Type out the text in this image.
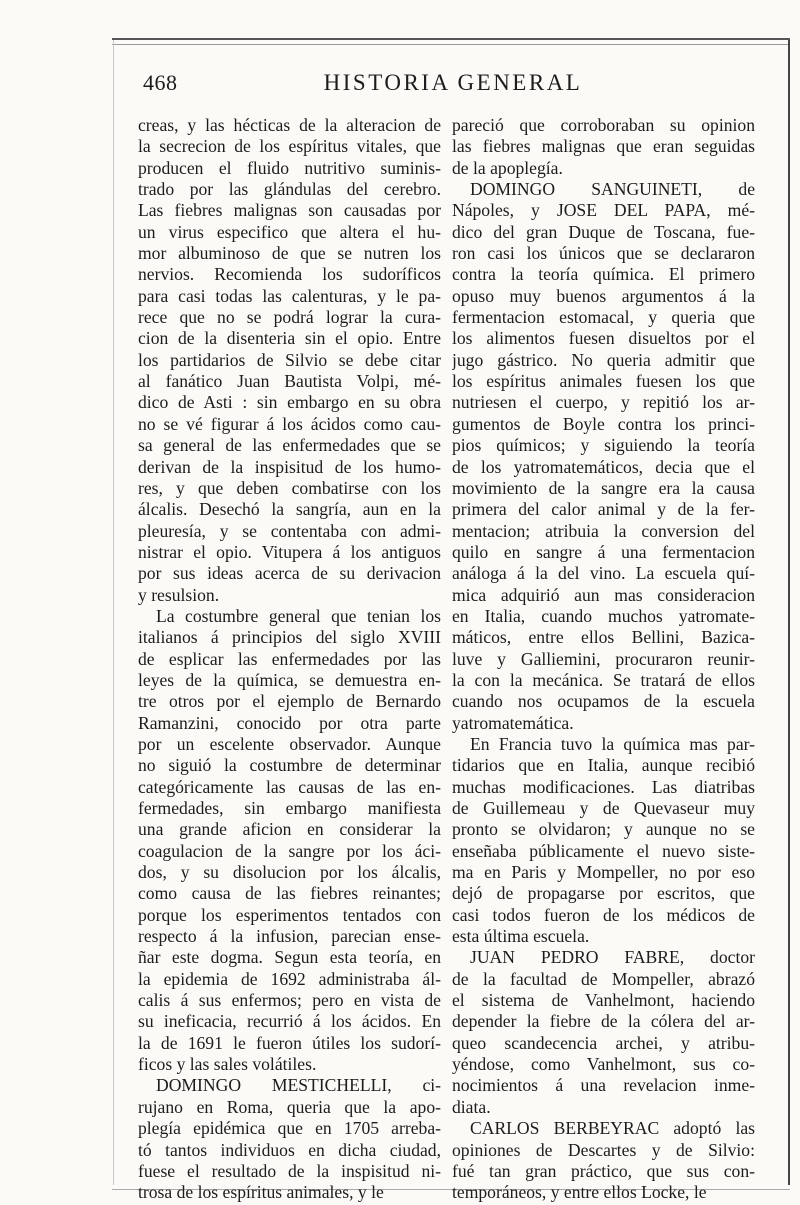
468	HISTORIA GENERAL
creas, y las hécticas de la alteracion de
la secrecion de los espíritus vitales, que
producen el fluido nutritivo suminis-
trado por las glándulas del cerebro.
Las fiebres malignas son causadas por
un virus especifico que altera el hu-
mor albuminoso de que se nutren los
nervios. Recomienda los sudoríficos
para casi todas las calenturas, y le pa-
rece que no se podrá lograr la cura-
cion de la disenteria sin el opio. Entre
los partidarios de Silvio se debe citar
al fanático Juan Bautista Volpi, mé-
dico de Asti : sin embargo en su obra
no se vé figurar á los ácidos como cau-
sa general de las enfermedades que se
derivan de la inspisitud de los humo-
res, y que deben combatirse con los
álcalis. Desechó la sangría, aun en la
pleuresía, y se contentaba con admi-
nistrar el opio. Vitupera á los antiguos
por sus ideas acerca de su derivacion
y resulsion.
La costumbre general que tenian los
italianos á principios del siglo XVIII
de esplicar las enfermedades por las
leyes de la química, se demuestra en-
tre otros por el ejemplo de Bernardo
Ramanzini, conocido por otra parte
por un escelente observador. Aunque
no siguió la costumbre de determinar
categóricamente las causas de las en-
fermedades, sin embargo manifiesta
una grande aficion en considerar la
coagulacion de la sangre por los áci-
dos, y su disolucion por los álcalis,
como causa de las fiebres reinantes;
porque los esperimentos tentados con
respecto á la infusion, parecian ense-
ñar este dogma. Segun esta teoría, en
la epidemia de 1692 administraba ál-
calis á sus enfermos; pero en vista de
su ineficacia, recurrió á los ácidos. En
la de 1691 le fueron útiles los sudorí-
ficos y las sales volátiles.
DOMINGO MESTICHELLI, ci-
rujano en Roma, queria que la apo-
plegía epidémica que en 1705 arreba-
tó tantos individuos en dicha ciudad,
fuese el resultado de la inspisitud ni-
trosa de los espíritus animales, y le
pareció que corroboraban su opinion
las fiebres malignas que eran seguidas
de la apoplegía.
DOMINGO SANGUINETI, de
Nápoles, y JOSE DEL PAPA, mé-
dico del gran Duque de Toscana, fue-
ron casi los únicos que se declararon
contra la teoría química. El primero
opuso muy buenos argumentos á la
fermentacion estomacal, y queria que
los alimentos fuesen disueltos por el
jugo gástrico. No queria admitir que
los espíritus animales fuesen los que
nutriesen el cuerpo, y repitió los ar-
gumentos de Boyle contra los princi-
pios químicos; y siguiendo la teoría
de los yatromatemáticos, decia que el
movimiento de la sangre era la causa
primera del calor animal y de la fer-
mentacion; atribuia la conversion del
quilo en sangre á una fermentacion
análoga á la del vino. La escuela quí-
mica adquirió aun mas consideracion
en Italia, cuando muchos yatromate-
máticos, entre ellos Bellini, Bazica-
luve y Galliemini, procuraron reunir-
la con la mecánica. Se tratará de ellos
cuando nos ocupamos de la escuela
yatromatemática.
En Francia tuvo la química mas par-
tidarios que en Italia, aunque recibió
muchas modificaciones. Las diatribas
de Guillemeau y de Quevaseur muy
pronto se olvidaron; y aunque no se
enseñaba públicamente el nuevo siste-
ma en Paris y Mompeller, no por eso
dejó de propagarse por escritos, que
casi todos fueron de los médicos de
esta última escuela.
JUAN PEDRO FABRE, doctor
de la facultad de Mompeller, abrazó
el sistema de Vanhelmont, haciendo
depender la fiebre de la cólera del ar-
queo scandecencia archei, y atribu-
yéndose, como Vanhelmont, sus co-
nocimientos á una revelacion inme-
diata.
CARLOS BERBEYRAC adoptó las
opiniones de Descartes y de Silvio:
fué tan gran práctico, que sus con-
temporáneos, y entre ellos Locke, le
